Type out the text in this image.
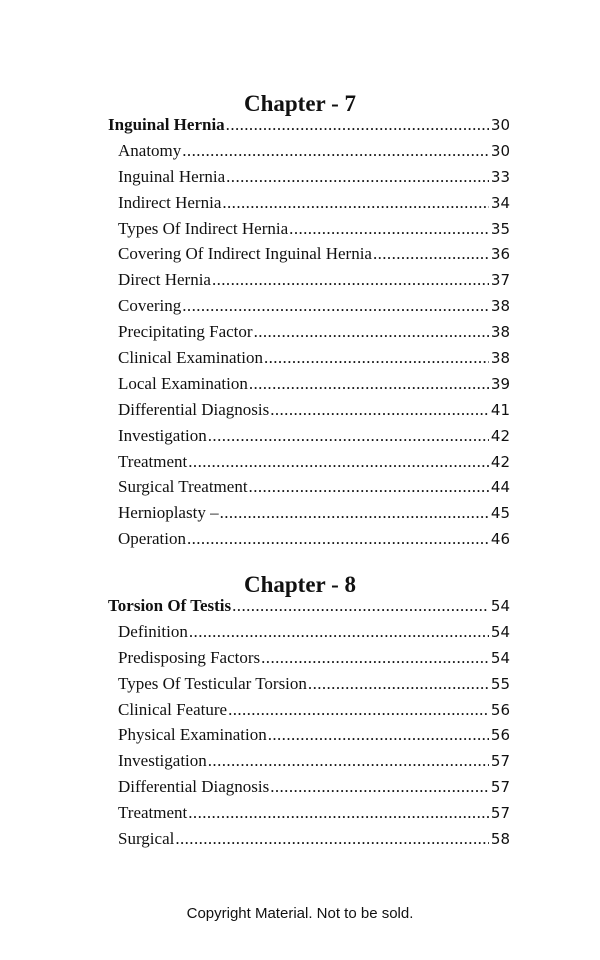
Chapter - 7
Inguinal Hernia .....	30
Anatomy .....	30
Inguinal Hernia .....	33
Indirect Hernia .....	34
Types Of Indirect Hernia .....	35
Covering Of Indirect Inguinal Hernia .....	36
Direct Hernia .....	37
Covering .....	38
Precipitating Factor .....	38
Clinical Examination .....	38
Local Examination .....	39
Differential Diagnosis .....	41
Investigation .....	42
Treatment .....	42
Surgical Treatment .....	44
Hernioplasty – .....	45
Operation .....	46
Chapter - 8
Torsion Of Testis .....	54
Definition .....	54
Predisposing Factors .....	54
Types Of Testicular Torsion .....	55
Clinical Feature .....	56
Physical Examination .....	56
Investigation .....	57
Differential Diagnosis .....	57
Treatment .....	57
Surgical .....	58
Copyright Material. Not to be sold.
